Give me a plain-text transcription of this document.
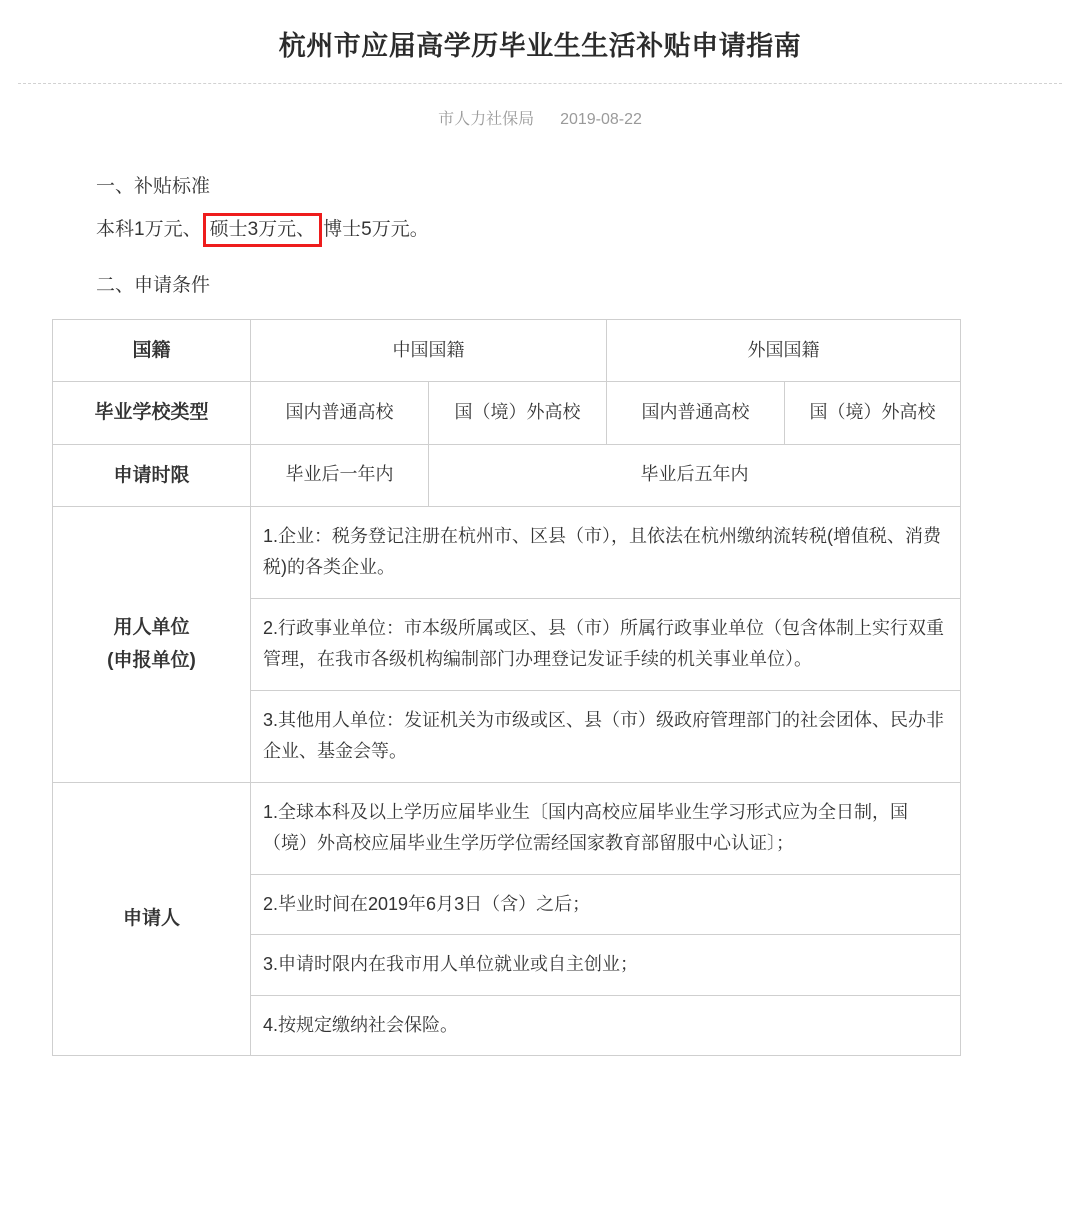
杭州市应届高学历毕业生生活补贴申请指南
市人力社保局 2019-08-22
一、补贴标准
本科1万元、 硕士3万元、 博士5万元。
二、申请条件
国籍	中国国籍		外国国籍	
毕业学校类型	国内普通高校	国（境）外高校	国内普通高校	国（境）外高校
申请时限	毕业后一年内	毕业后五年内		

用人单位
(申报单位)	1.企业：税务登记注册在杭州市、区县（市），且依法在杭州缴纳流转税(增值税、消费税)的各类企业。			
	2.行政事业单位：市本级所属或区、县（市）所属行政事业单位（包含体制上实行双重管理，在我市各级机构编制部门办理登记发证手续的机关事业单位）。			
	3.其他用人单位：发证机关为市级或区、县（市）级政府管理部门的社会团体、民办非企业、基金会等。			
申请人	1.全球本科及以上学历应届毕业生〔国内高校应届毕业生学习形式应为全日制，国（境）外高校应届毕业生学历学位需经国家教育部留服中心认证〕；			
	2.毕业时间在2019年6月3日（含）之后；			
	3.申请时限内在我市用人单位就业或自主创业；			
	4.按规定缴纳社会保险。			
